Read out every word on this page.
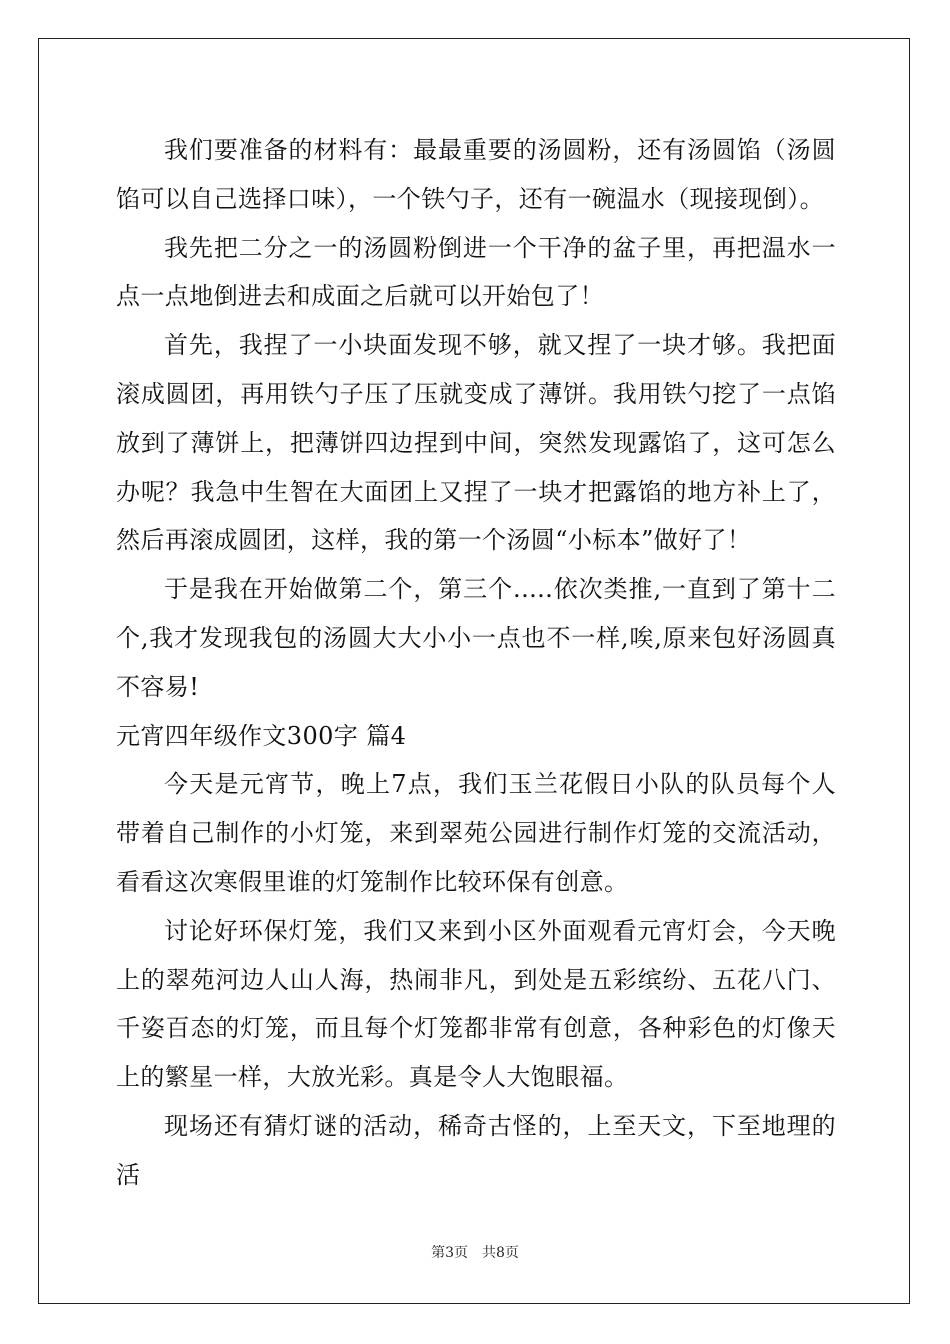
我们要准备的材料有：最最重要的汤圆粉，还有汤圆馅（汤圆馅可以自己选择口味），一个铁勺子，还有一碗温水（现接现倒）。

我先把二分之一的汤圆粉倒进一个干净的盆子里，再把温水一点一点地倒进去和成面之后就可以开始包了！

首先，我捏了一小块面发现不够，就又捏了一块才够。我把面滚成圆团，再用铁勺子压了压就变成了薄饼。我用铁勺挖了一点馅放到了薄饼上，把薄饼四边捏到中间，突然发现露馅了，这可怎么办呢？我急中生智在大面团上又捏了一块才把露馅的地方补上了，然后再滚成圆团，这样，我的第一个汤圆“小标本”做好了！

于是我在开始做第二个，第三个.....依次类推,一直到了第十二个,我才发现我包的汤圆大大小小一点也不一样,唉,原来包好汤圆真不容易!

元宵四年级作文300字 篇4

今天是元宵节，晚上7点，我们玉兰花假日小队的队员每个人带着自己制作的小灯笼，来到翠苑公园进行制作灯笼的交流活动，看看这次寒假里谁的灯笼制作比较环保有创意。

讨论好环保灯笼，我们又来到小区外面观看元宵灯会，今天晚上的翠苑河边人山人海，热闹非凡，到处是五彩缤纷、五花八门、千姿百态的灯笼，而且每个灯笼都非常有创意，各种彩色的灯像天上的繁星一样，大放光彩。真是令人大饱眼福。

现场还有猜灯谜的活动，稀奇古怪的，上至天文，下至地理的活

第3页　共8页
